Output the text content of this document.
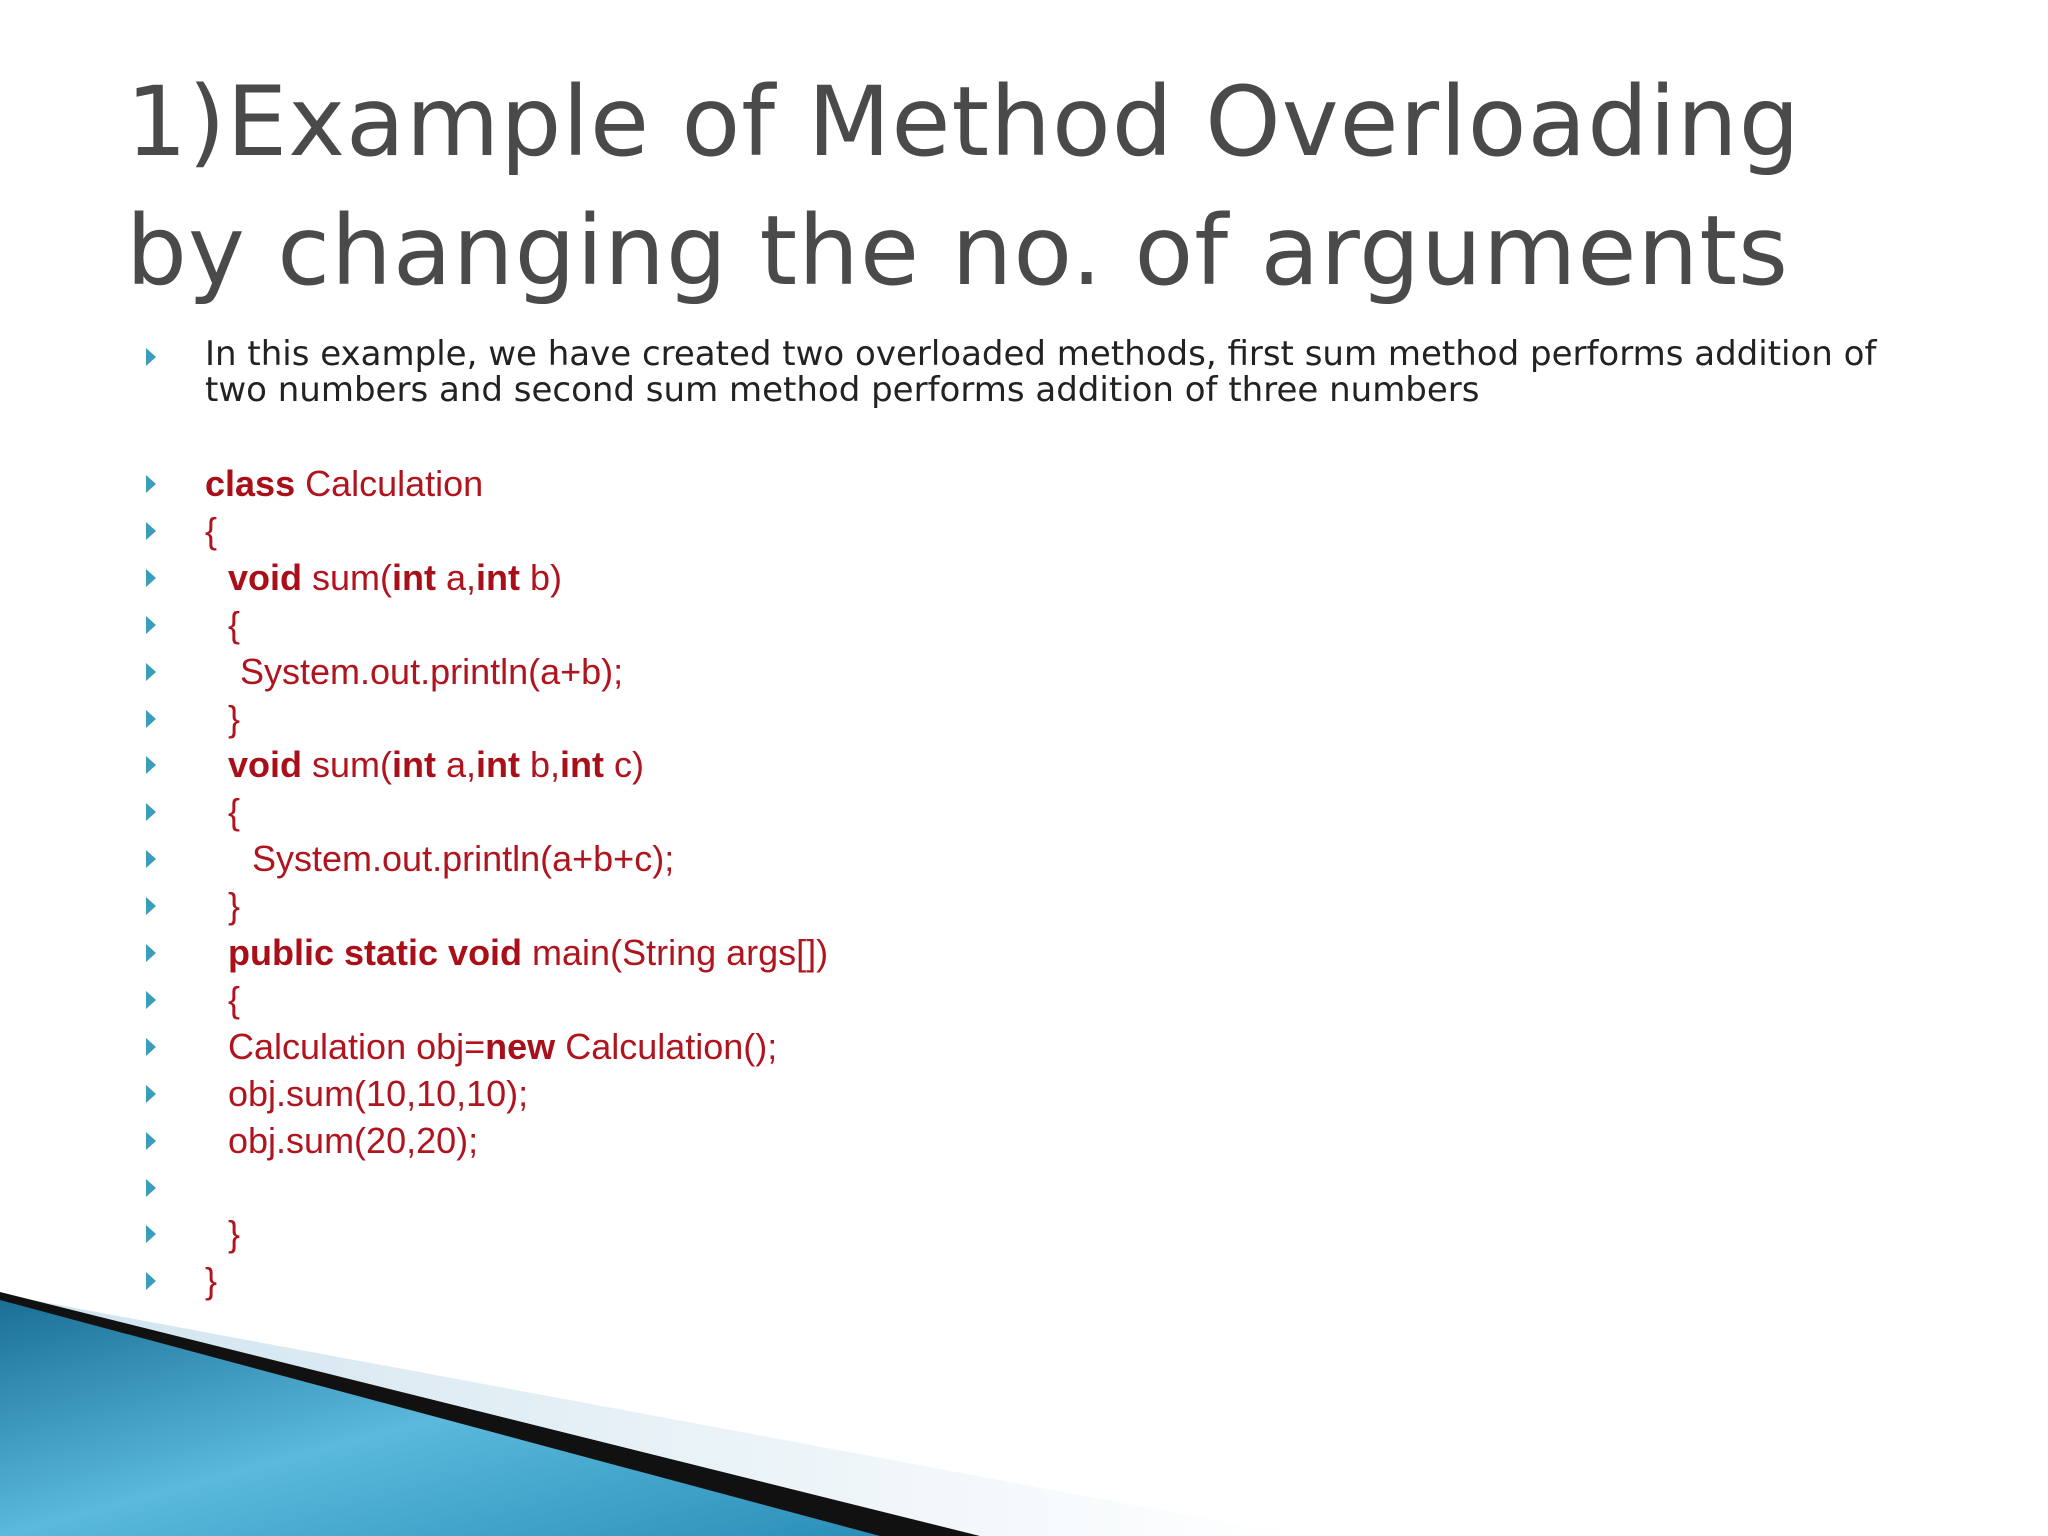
1)Example of Method Overloading
by changing the no. of arguments
In this example, we have created two overloaded methods, first sum method performs addition of two numbers and second sum method performs addition of three numbers
class Calculation
{
void sum(int a,int b)
{
System.out.println(a+b);
}
void sum(int a,int b,int c)
{
System.out.println(a+b+c);
}
public static void main(String args[])
{
Calculation obj=new Calculation();
obj.sum(10,10,10);
obj.sum(20,20);
}
}
